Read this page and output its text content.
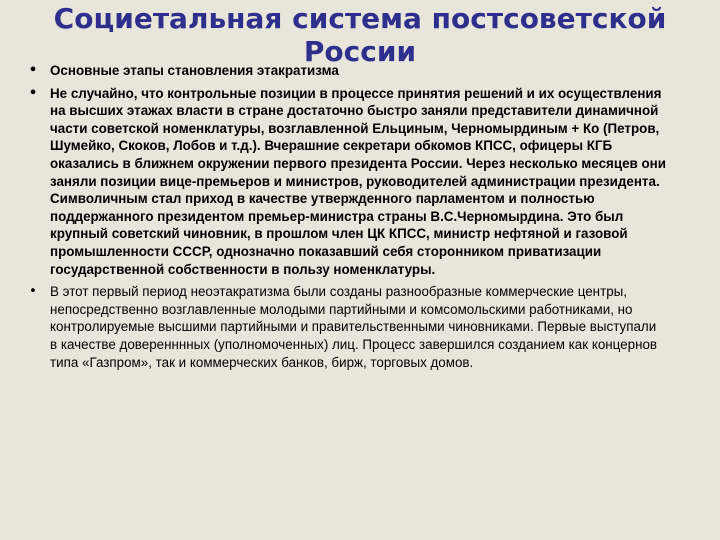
Социетальная система постсоветской России
• Основные этапы становления этакратизма
• Не случайно, что контрольные позиции в процессе принятия решений и их осуществления на высших этажах власти в стране достаточно быстро заняли представители динамичной части советской номенклатуры, возглавленной Ельциным, Черномырдиным + Ко (Петров, Шумейко, Скоков, Лобов и т.д.). Вчерашние секретари обкомов КПСС, офицеры КГБ оказались в ближнем окружении первого президента России. Через несколько месяцев они заняли позиции вице-премьеров и министров, руководителей администрации президента. Символичным стал приход в качестве утвержденного парламентом и полностью поддержанного президентом премьер-министра страны В.С.Черномырдина. Это был крупный советский чиновник, в прошлом член ЦК КПСС, министр нефтяной и газовой промышленности СССР, однозначно показавший себя сторонником приватизации государственной собственности в пользу номенклатуры.
• В этот первый период неоэтакратизма были созданы разнообразные коммерческие центры, непосредственно возглавленные молодыми партийными и комсомольскими работниками, но контролируемые высшими партийными и правительственными чиновниками. Первые выступали в качестве доверенннных (уполномоченных) лиц. Процесс завершился созданием как концернов типа «Газпром», так и коммерческих банков, бирж, торговых домов.
